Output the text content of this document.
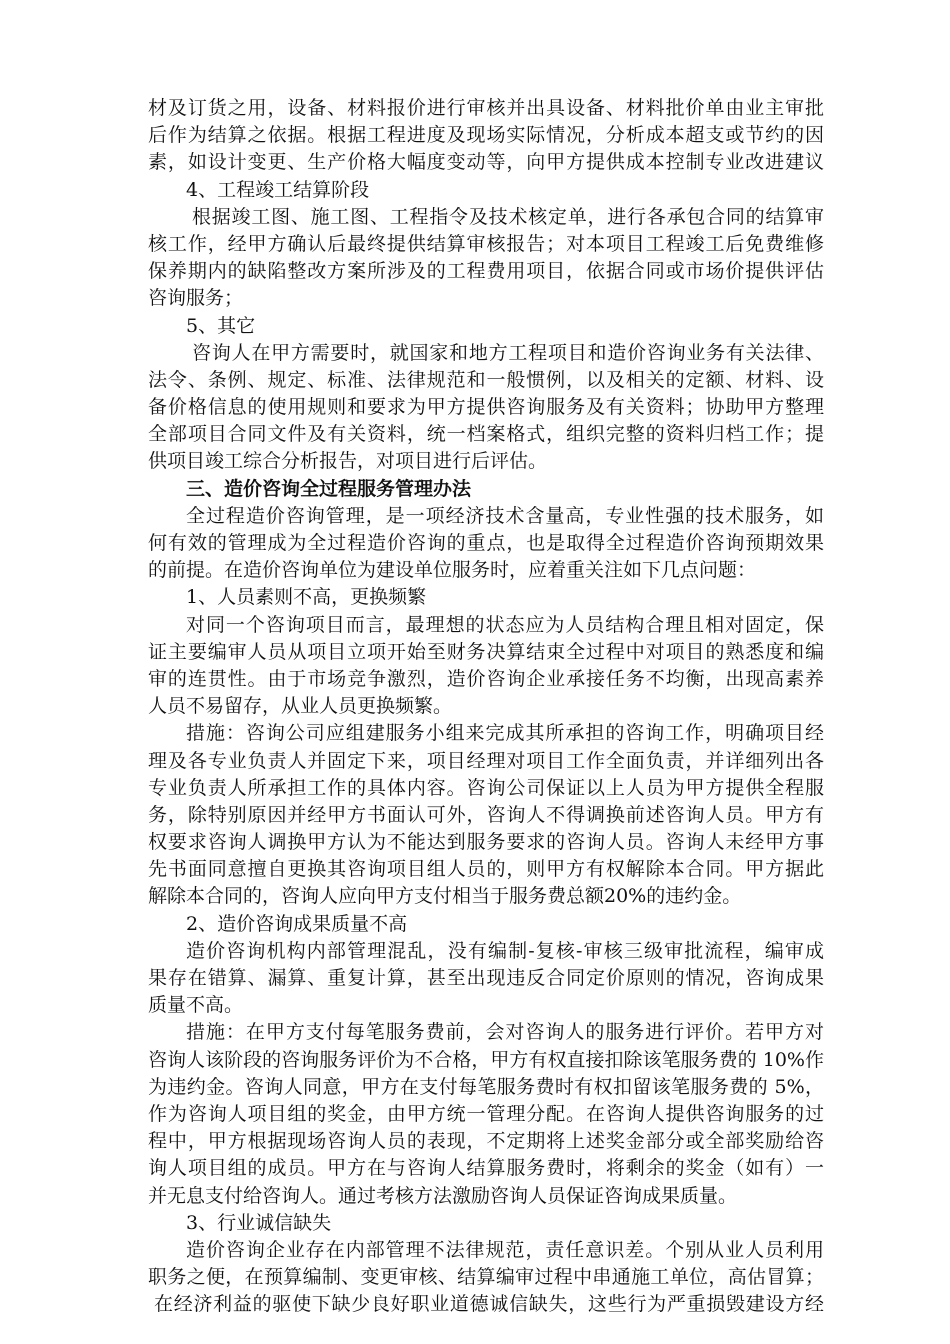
材及订货之用，设备、材料报价进行审核并出具设备、材料批价单由业主审批
后作为结算之依据。根据工程进度及现场实际情况，分析成本超支或节约的因
素，如设计变更、生产价格大幅度变动等，向甲方提供成本控制专业改进建议
4、工程竣工结算阶段
根据竣工图、施工图、工程指令及技术核定单，进行各承包合同的结算审
核工作，经甲方确认后最终提供结算审核报告；对本项目工程竣工后免费维修
保养期内的缺陷整改方案所涉及的工程费用项目，依据合同或市场价提供评估
咨询服务；
5、其它
咨询人在甲方需要时，就国家和地方工程项目和造价咨询业务有关法律、
法令、条例、规定、标准、法律规范和一般惯例，以及相关的定额、材料、设
备价格信息的使用规则和要求为甲方提供咨询服务及有关资料；协助甲方整理
全部项目合同文件及有关资料，统一档案格式，组织完整的资料归档工作；提
供项目竣工综合分析报告，对项目进行后评估。
三、造价咨询全过程服务管理办法
全过程造价咨询管理，是一项经济技术含量高，专业性强的技术服务，如
何有效的管理成为全过程造价咨询的重点，也是取得全过程造价咨询预期效果
的前提。在造价咨询单位为建设单位服务时，应着重关注如下几点问题：
1、人员素则不高，更换频繁
对同一个咨询项目而言，最理想的状态应为人员结构合理且相对固定，保
证主要编审人员从项目立项开始至财务决算结束全过程中对项目的熟悉度和编
审的连贯性。由于市场竞争激烈，造价咨询企业承接任务不均衡，出现高素养
人员不易留存，从业人员更换频繁。
措施：咨询公司应组建服务小组来完成其所承担的咨询工作，明确项目经
理及各专业负责人并固定下来，项目经理对项目工作全面负责，并详细列出各
专业负责人所承担工作的具体内容。咨询公司保证以上人员为甲方提供全程服
务，除特别原因并经甲方书面认可外，咨询人不得调换前述咨询人员。甲方有
权要求咨询人调换甲方认为不能达到服务要求的咨询人员。咨询人未经甲方事
先书面同意擅自更换其咨询项目组人员的，则甲方有权解除本合同。甲方据此
解除本合同的，咨询人应向甲方支付相当于服务费总额20%的违约金。
2、造价咨询成果质量不高
造价咨询机构内部管理混乱，没有编制-复核-审核三级审批流程，编审成
果存在错算、漏算、重复计算，甚至出现违反合同定价原则的情况，咨询成果
质量不高。
措施：在甲方支付每笔服务费前，会对咨询人的服务进行评价。若甲方对
咨询人该阶段的咨询服务评价为不合格，甲方有权直接扣除该笔服务费的 10%作
为违约金。咨询人同意，甲方在支付每笔服务费时有权扣留该笔服务费的 5%，
作为咨询人项目组的奖金，由甲方统一管理分配。在咨询人提供咨询服务的过
程中，甲方根据现场咨询人员的表现，不定期将上述奖金部分或全部奖励给咨
询人项目组的成员。甲方在与咨询人结算服务费时，将剩余的奖金（如有）一
并无息支付给咨询人。通过考核方法激励咨询人员保证咨询成果质量。
3、行业诚信缺失
造价咨询企业存在内部管理不法律规范，责任意识差。个别从业人员利用
职务之便，在预算编制、变更审核、结算编审过程中串通施工单位，高估冒算；
在经济利益的驱使下缺少良好职业道德诚信缺失，这些行为严重损毁建设方经
